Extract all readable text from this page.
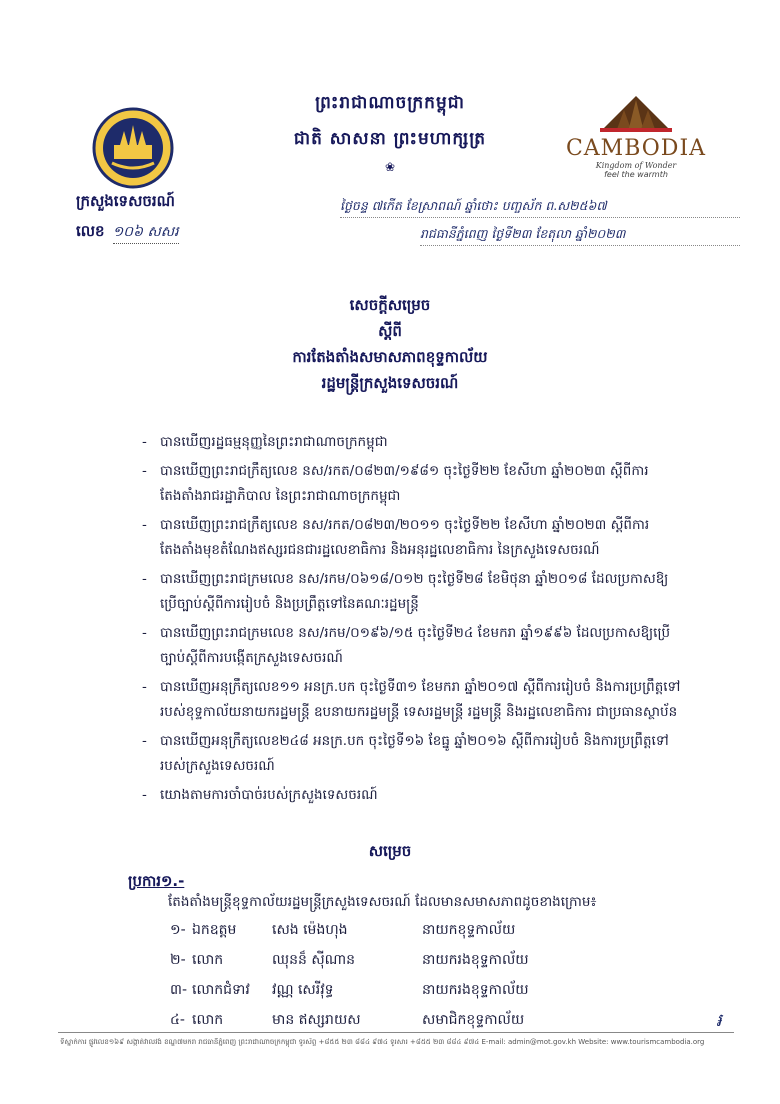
ព្រះរាជាណាចក្រកម្ពុជា
ជាតិ សាសនា ព្រះមហាក្សត្រ
❀
CAMBODIA
Kingdom of Wonder
feel the warmth
ក្រសួងទេសចរណ៍
លេខ ១០៦ សសរ
ថ្ងៃចន្ទ ៧កើត ខែស្រាពណ៍ ឆ្នាំថោះ បញ្ចស័ក ព.ស២៥៦៧
រាជធានីភ្នំពេញ ថ្ងៃទី២៣ ខែតុលា ឆ្នាំ២០២៣
សេចក្ដីសម្រេច
ស្ដីពី
ការតែងតាំងសមាសភាពខុទ្ទកាល័យ
រដ្ឋមន្ត្រីក្រសួងទេសចរណ៍
- បានឃើញរដ្ឋធម្មនុញ្ញនៃព្រះរាជាណាចក្រកម្ពុជា
- បានឃើញព្រះរាជក្រឹត្យលេខ នស/រកត/០៨២៣/១៩៨១ ចុះថ្ងៃទី២២ ខែសីហា ឆ្នាំ២០២៣ ស្ដីពីការតែងតាំងរាជរដ្ឋាភិបាល នៃព្រះរាជាណាចក្រកម្ពុជា
- បានឃើញព្រះរាជក្រឹត្យលេខ នស/រកត/០៨២៣/២០១១ ចុះថ្ងៃទី២២ ខែសីហា ឆ្នាំ២០២៣ ស្ដីពីការតែងតាំងមុខតំណែងឥស្សរជនជារដ្ឋលេខាធិការ និងអនុរដ្ឋលេខាធិការ នៃក្រសួងទេសចរណ៍
- បានឃើញព្រះរាជក្រមលេខ នស/រកម/០៦១៨/០១២ ចុះថ្ងៃទី២៨ ខែមិថុនា ឆ្នាំ២០១៨ ដែលប្រកាសឱ្យប្រើច្បាប់ស្ដីពីការរៀបចំ និងប្រព្រឹត្តទៅនៃគណៈរដ្ឋមន្ត្រី
- បានឃើញព្រះរាជក្រមលេខ នស/រកម/០១៩៦/១៥ ចុះថ្ងៃទី២៤ ខែមករា ឆ្នាំ១៩៩៦ ដែលប្រកាសឱ្យប្រើច្បាប់ស្ដីពីការបង្កើតក្រសួងទេសចរណ៍
- បានឃើញអនុក្រឹត្យលេខ១១ អនក្រ.បក ចុះថ្ងៃទី៣១ ខែមករា ឆ្នាំ២០១៧ ស្ដីពីការរៀបចំ និងការប្រព្រឹត្តទៅរបស់ខុទ្ទកាល័យនាយករដ្ឋមន្ត្រី ឧបនាយករដ្ឋមន្ត្រី ទេសរដ្ឋមន្ត្រី រដ្ឋមន្ត្រី និងរដ្ឋលេខាធិការ ជាប្រធានស្ថាប័ន
- បានឃើញអនុក្រឹត្យលេខ២៤៨ អនក្រ.បក ចុះថ្ងៃទី១៦ ខែធ្នូ ឆ្នាំ២០១៦ ស្ដីពីការរៀបចំ និងការប្រព្រឹត្តទៅរបស់ក្រសួងទេសចរណ៍
- យោងតាមការចាំបាច់របស់ក្រសួងទេសចរណ៍
សម្រេច
ប្រការ១.-
តែងតាំងមន្ត្រីខុទ្ទកាល័យរដ្ឋមន្ត្រីក្រសួងទេសចរណ៍ ដែលមានសមាសភាពដូចខាងក្រោម៖
១- ឯកឧត្តម	សេង ម៉េងហុង	នាយកខុទ្ទកាល័យ
២- លោក	ឈុនន៏ ស៊ីណាន	នាយករងខុទ្ទកាល័យ
៣- លោកជំទាវ	វណ្ណ សេរីវុទ្ធ	នាយករងខុទ្ទកាល័យ
៤- លោក	មាន ឥស្សរាយស	សមាជិកខុទ្ទកាល័យ	៛
ទីស្នាក់ការ ផ្លូវលេខ១៦៩ សង្កាត់វាលវង់ ខណ្ឌ៧មករា រាជធានីភ្នំពេញ ព្រះរាជាណាចក្រកម្ពុជា ទូរស័ព្ទ +៨៥៥ ២៣ ៨៨៤ ៩៧៤ ទូរសារ +៨៥៥ ២៣ ៨៨៤ ៩៧៤ E-mail: admin@mot.gov.kh Website: www.tourismcambodia.org
